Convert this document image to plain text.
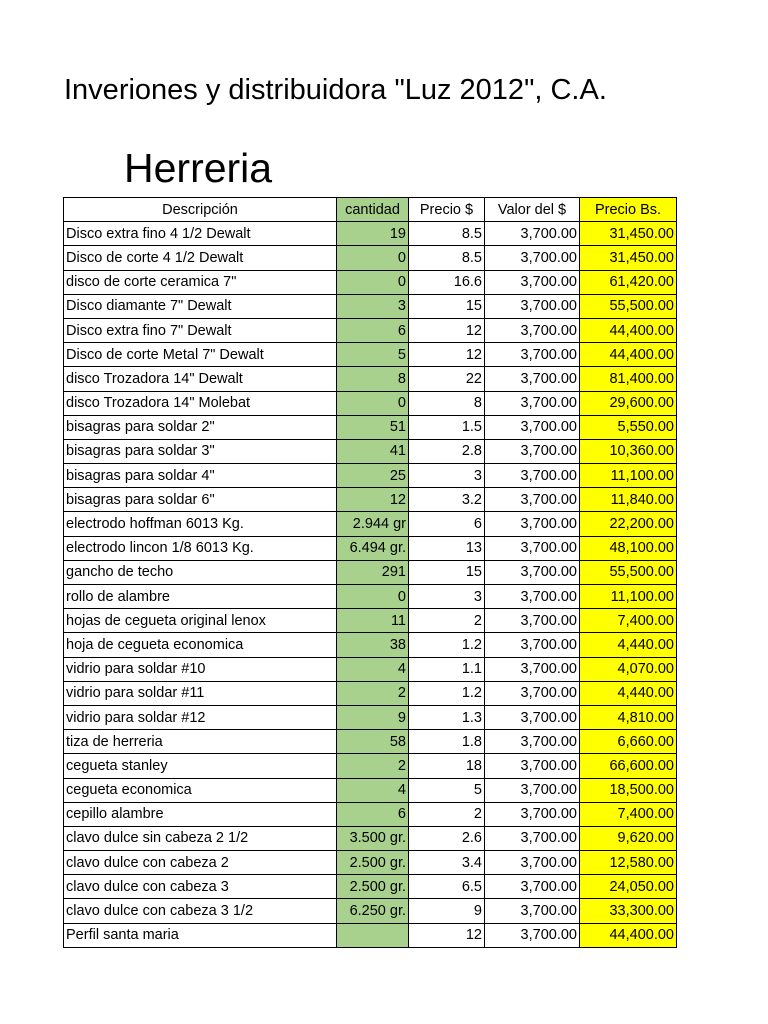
Inveriones y distribuidora "Luz 2012", C.A.
Herreria
Descripción	cantidad	Precio $	Valor del $	Precio Bs.
Disco extra fino 4 1/2 Dewalt	19	8.5	3,700.00	31,450.00
Disco de corte 4 1/2 Dewalt	0	8.5	3,700.00	31,450.00
disco de corte ceramica 7"	0	16.6	3,700.00	61,420.00
Disco diamante 7" Dewalt	3	15	3,700.00	55,500.00
Disco extra fino 7" Dewalt	6	12	3,700.00	44,400.00
Disco de corte Metal 7" Dewalt	5	12	3,700.00	44,400.00
disco Trozadora 14" Dewalt	8	22	3,700.00	81,400.00
disco Trozadora 14" Molebat	0	8	3,700.00	29,600.00
bisagras para soldar 2"	51	1.5	3,700.00	5,550.00
bisagras para soldar 3"	41	2.8	3,700.00	10,360.00
bisagras para soldar 4"	25	3	3,700.00	11,100.00
bisagras para soldar 6"	12	3.2	3,700.00	11,840.00
electrodo hoffman 6013 Kg.	2.944 gr	6	3,700.00	22,200.00
electrodo lincon 1/8 6013 Kg.	6.494 gr.	13	3,700.00	48,100.00
gancho de techo	291	15	3,700.00	55,500.00
rollo de alambre	0	3	3,700.00	11,100.00
hojas de cegueta original lenox	11	2	3,700.00	7,400.00
hoja de cegueta economica	38	1.2	3,700.00	4,440.00
vidrio para soldar #10	4	1.1	3,700.00	4,070.00
vidrio para soldar #11	2	1.2	3,700.00	4,440.00
vidrio para soldar #12	9	1.3	3,700.00	4,810.00
tiza de herreria	58	1.8	3,700.00	6,660.00
cegueta stanley	2	18	3,700.00	66,600.00
cegueta economica	4	5	3,700.00	18,500.00
cepillo alambre	6	2	3,700.00	7,400.00
clavo dulce sin cabeza 2 1/2	3.500 gr.	2.6	3,700.00	9,620.00
clavo dulce con cabeza 2	2.500 gr.	3.4	3,700.00	12,580.00
clavo dulce con cabeza 3	2.500 gr.	6.5	3,700.00	24,050.00
clavo dulce con cabeza 3 1/2	6.250 gr.	9	3,700.00	33,300.00
Perfil santa maria		12	3,700.00	44,400.00
